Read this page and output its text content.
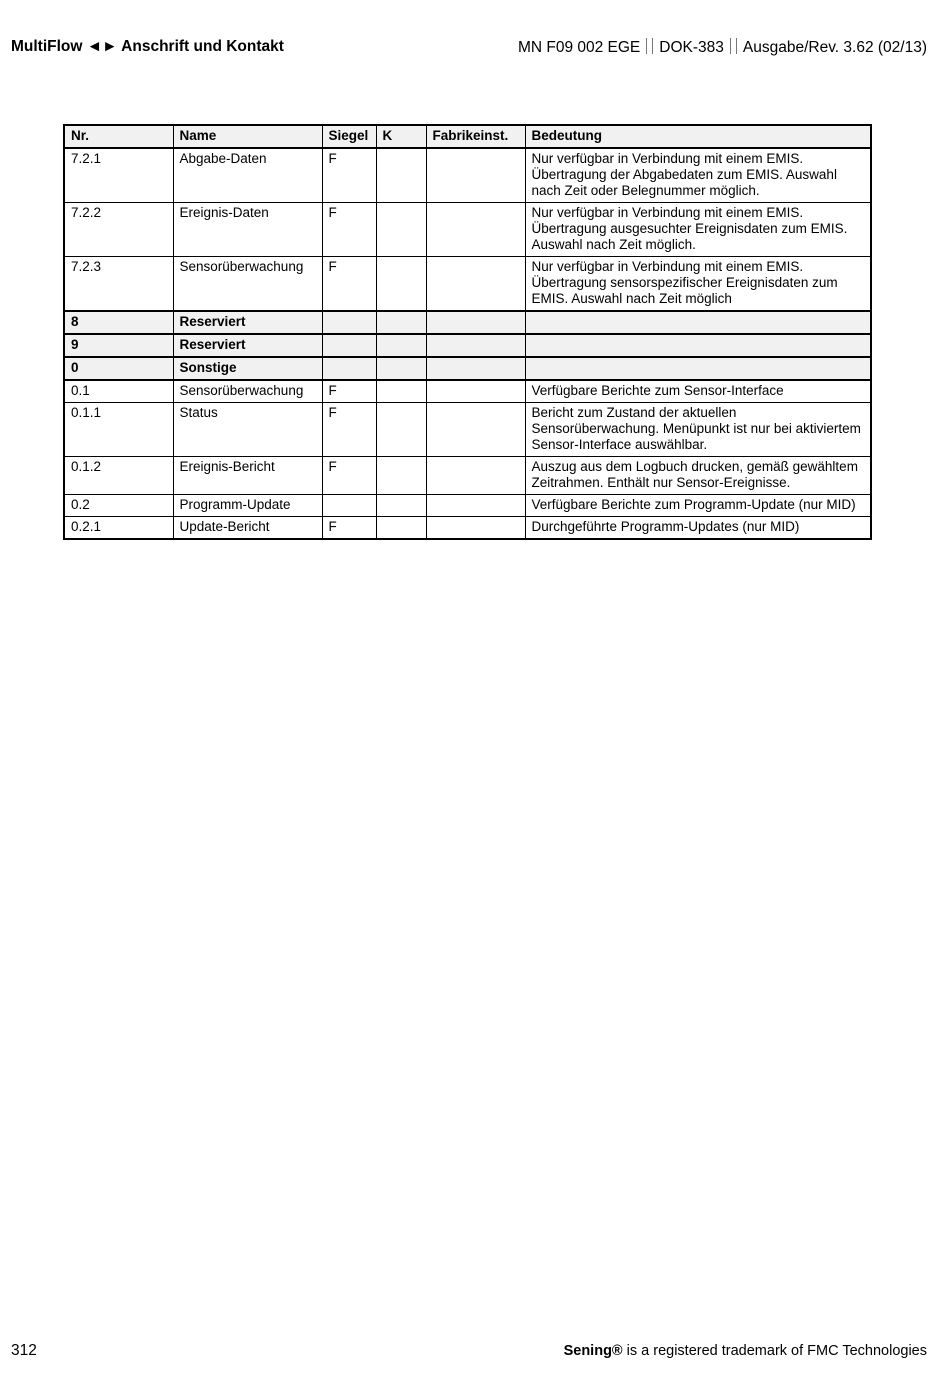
MultiFlow ◄► Anschrift und Kontakt	MN F09 002 EGE DOK-383 Ausgabe/Rev. 3.62 (02/13)
Nr.	Name	Siegel	K	Fabrikeinst.	Bedeutung
7.2.1	Abgabe-Daten	F			Nur verfügbar in Verbindung mit einem EMIS. Übertragung der Abgabedaten zum EMIS. Auswahl nach Zeit oder Belegnummer möglich.
7.2.2	Ereignis-Daten	F			Nur verfügbar in Verbindung mit einem EMIS. Übertragung ausgesuchter Ereignisdaten zum EMIS. Auswahl nach Zeit möglich.
7.2.3	Sensorüberwachung	F			Nur verfügbar in Verbindung mit einem EMIS. Übertragung sensorspezifischer Ereignisdaten zum EMIS. Auswahl nach Zeit möglich
8	Reserviert				
9	Reserviert				
0	Sonstige				
0.1	Sensorüberwachung	F			Verfügbare Berichte zum Sensor-Interface
0.1.1	Status	F			Bericht zum Zustand der aktuellen Sensorüberwachung. Menüpunkt ist nur bei aktiviertem Sensor-Interface auswählbar.
0.1.2	Ereignis-Bericht	F			Auszug aus dem Logbuch drucken, gemäß gewähltem Zeitrahmen. Enthält nur Sensor-Ereignisse.
0.2	Programm-Update				Verfügbare Berichte zum Programm-Update (nur MID)
0.2.1	Update-Bericht	F			Durchgeführte Programm-Updates (nur MID)
312	Sening® is a registered trademark of FMC Technologies
